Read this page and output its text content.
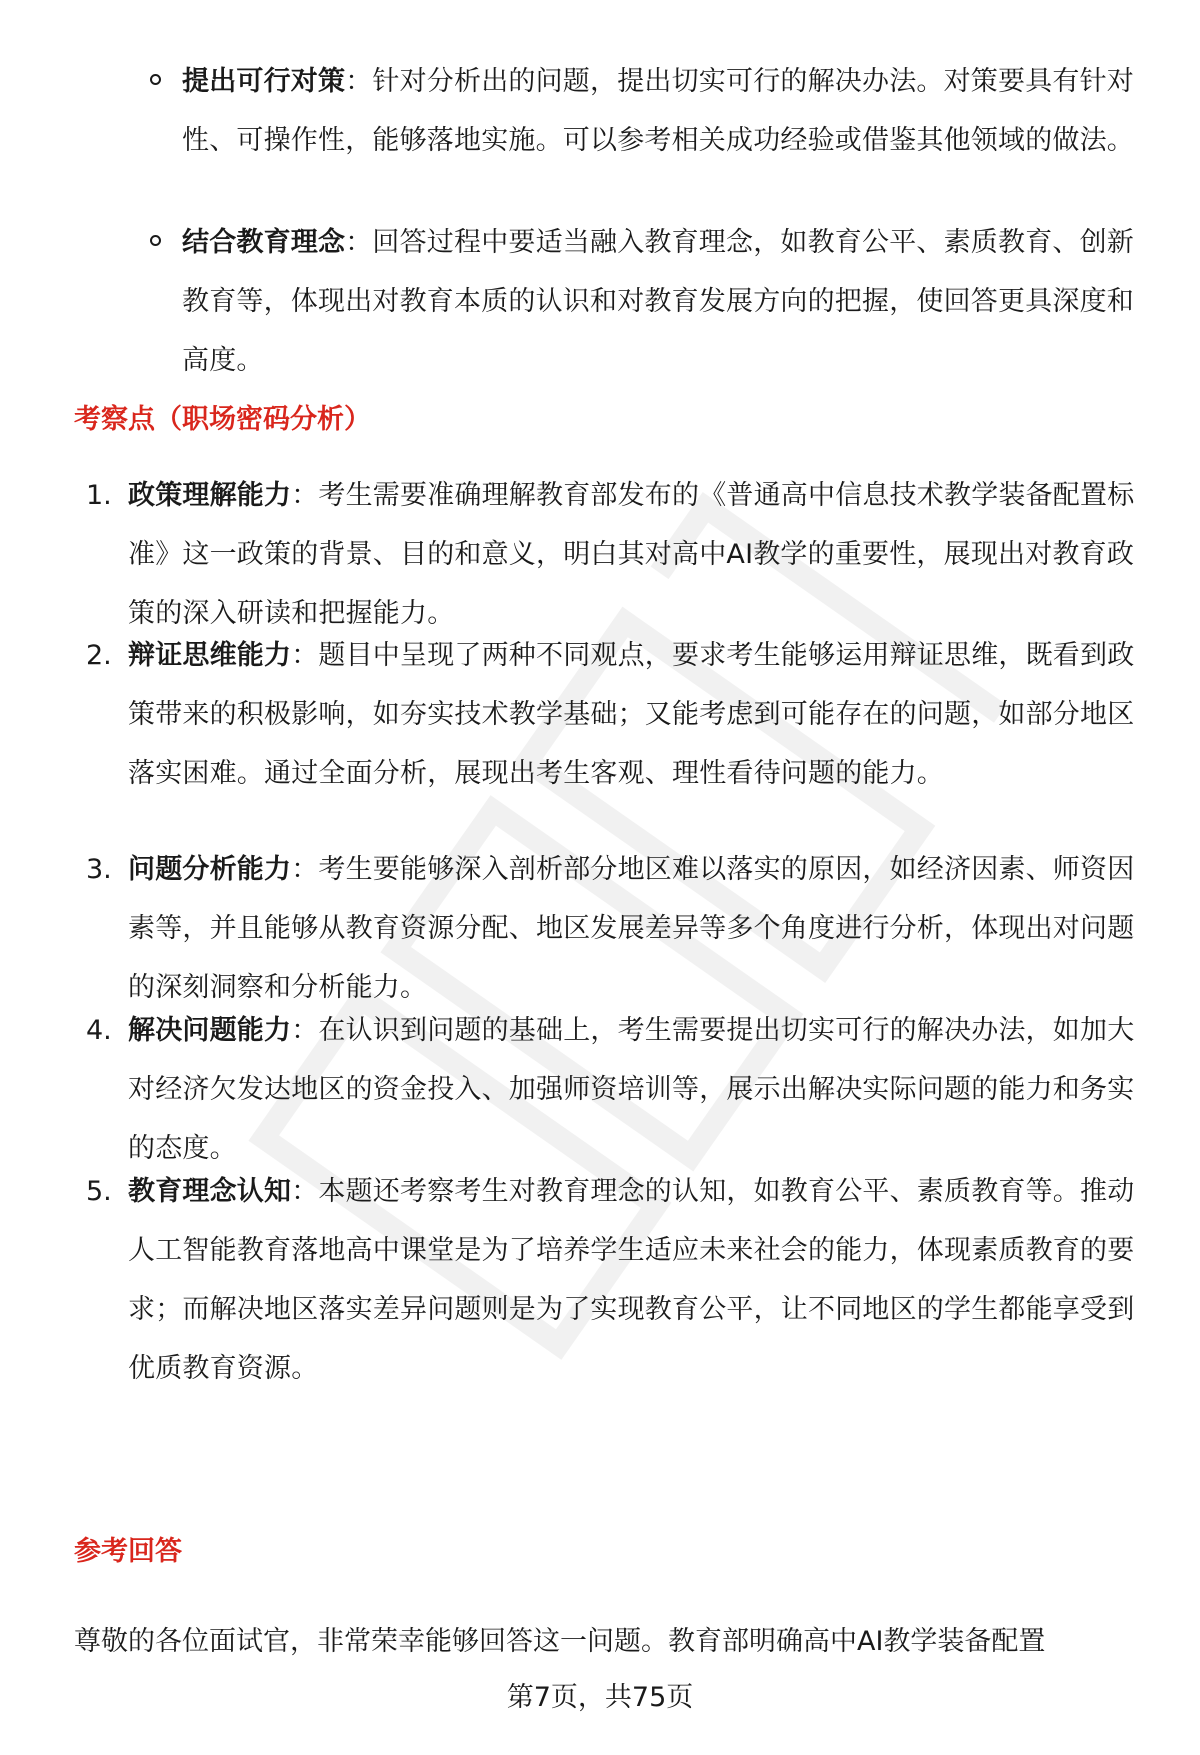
提出可行对策：针对分析出的问题，提出切实可行的解决办法。对策要具有针对性、可操作性，能够落地实施。可以参考相关成功经验或借鉴其他领域的做法。
结合教育理念：回答过程中要适当融入教育理念，如教育公平、素质教育、创新教育等，体现出对教育本质的认识和对教育发展方向的把握，使回答更具深度和高度。
考察点（职场密码分析）
1. 政策理解能力：考生需要准确理解教育部发布的《普通高中信息技术教学装备配置标准》这一政策的背景、目的和意义，明白其对高中AI教学的重要性，展现出对教育政策的深入研读和把握能力。
2. 辩证思维能力：题目中呈现了两种不同观点，要求考生能够运用辩证思维，既看到政策带来的积极影响，如夯实技术教学基础；又能考虑到可能存在的问题，如部分地区落实困难。通过全面分析，展现出考生客观、理性看待问题的能力。
3. 问题分析能力：考生要能够深入剖析部分地区难以落实的原因，如经济因素、师资因素等，并且能够从教育资源分配、地区发展差异等多个角度进行分析，体现出对问题的深刻洞察和分析能力。
4. 解决问题能力：在认识到问题的基础上，考生需要提出切实可行的解决办法，如加大对经济欠发达地区的资金投入、加强师资培训等，展示出解决实际问题的能力和务实的态度。
5. 教育理念认知：本题还考察考生对教育理念的认知，如教育公平、素质教育等。推动人工智能教育落地高中课堂是为了培养学生适应未来社会的能力，体现素质教育的要求；而解决地区落实差异问题则是为了实现教育公平，让不同地区的学生都能享受到优质教育资源。
参考回答
尊敬的各位面试官，非常荣幸能够回答这一问题。教育部明确高中AI教学装备配置
第7页，共75页
